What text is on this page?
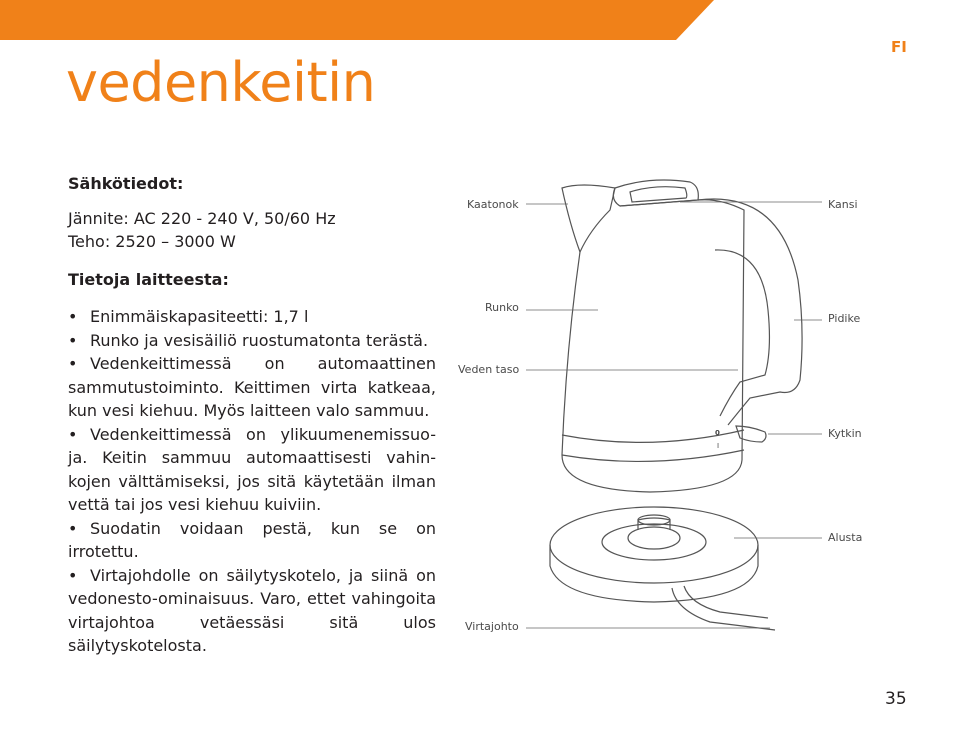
FI
vedenkeitin

Sähkötiedot:

Jännite: AC 220 - 240 V, 50/60 Hz

Teho: 2520 – 3000 W

Tietoja laitteesta:

• Enimmäiskapasiteetti: 1,7 l
• Runko ja vesisäiliö ruostumatonta terästä.
• Vedenkeittimessä on automaattinen sammutustoiminto. Keittimen virta katkeaa, kun vesi kiehuu. Myös laitteen valo sammuu.
• Vedenkeittimessä on ylikuumenemissuo-ja. Keitin sammuu automaattisesti vahin-kojen välttämiseksi, jos sitä käytetään ilman vettä tai jos vesi kiehuu kuiviin.
• Suodatin voidaan pestä, kun se on irrotettu.
• Virtajohdolle on säilytyskotelo, ja siinä on vedonesto-ominaisuus. Varo, ettet vahingoita virtajohtoa vetäessäsi sitä ulos säilytyskotelosta.
Kaatonok
Runko
Veden taso
Virtajohto
Kansi
Pidike
Kytkin
Alusta
0
I
35
